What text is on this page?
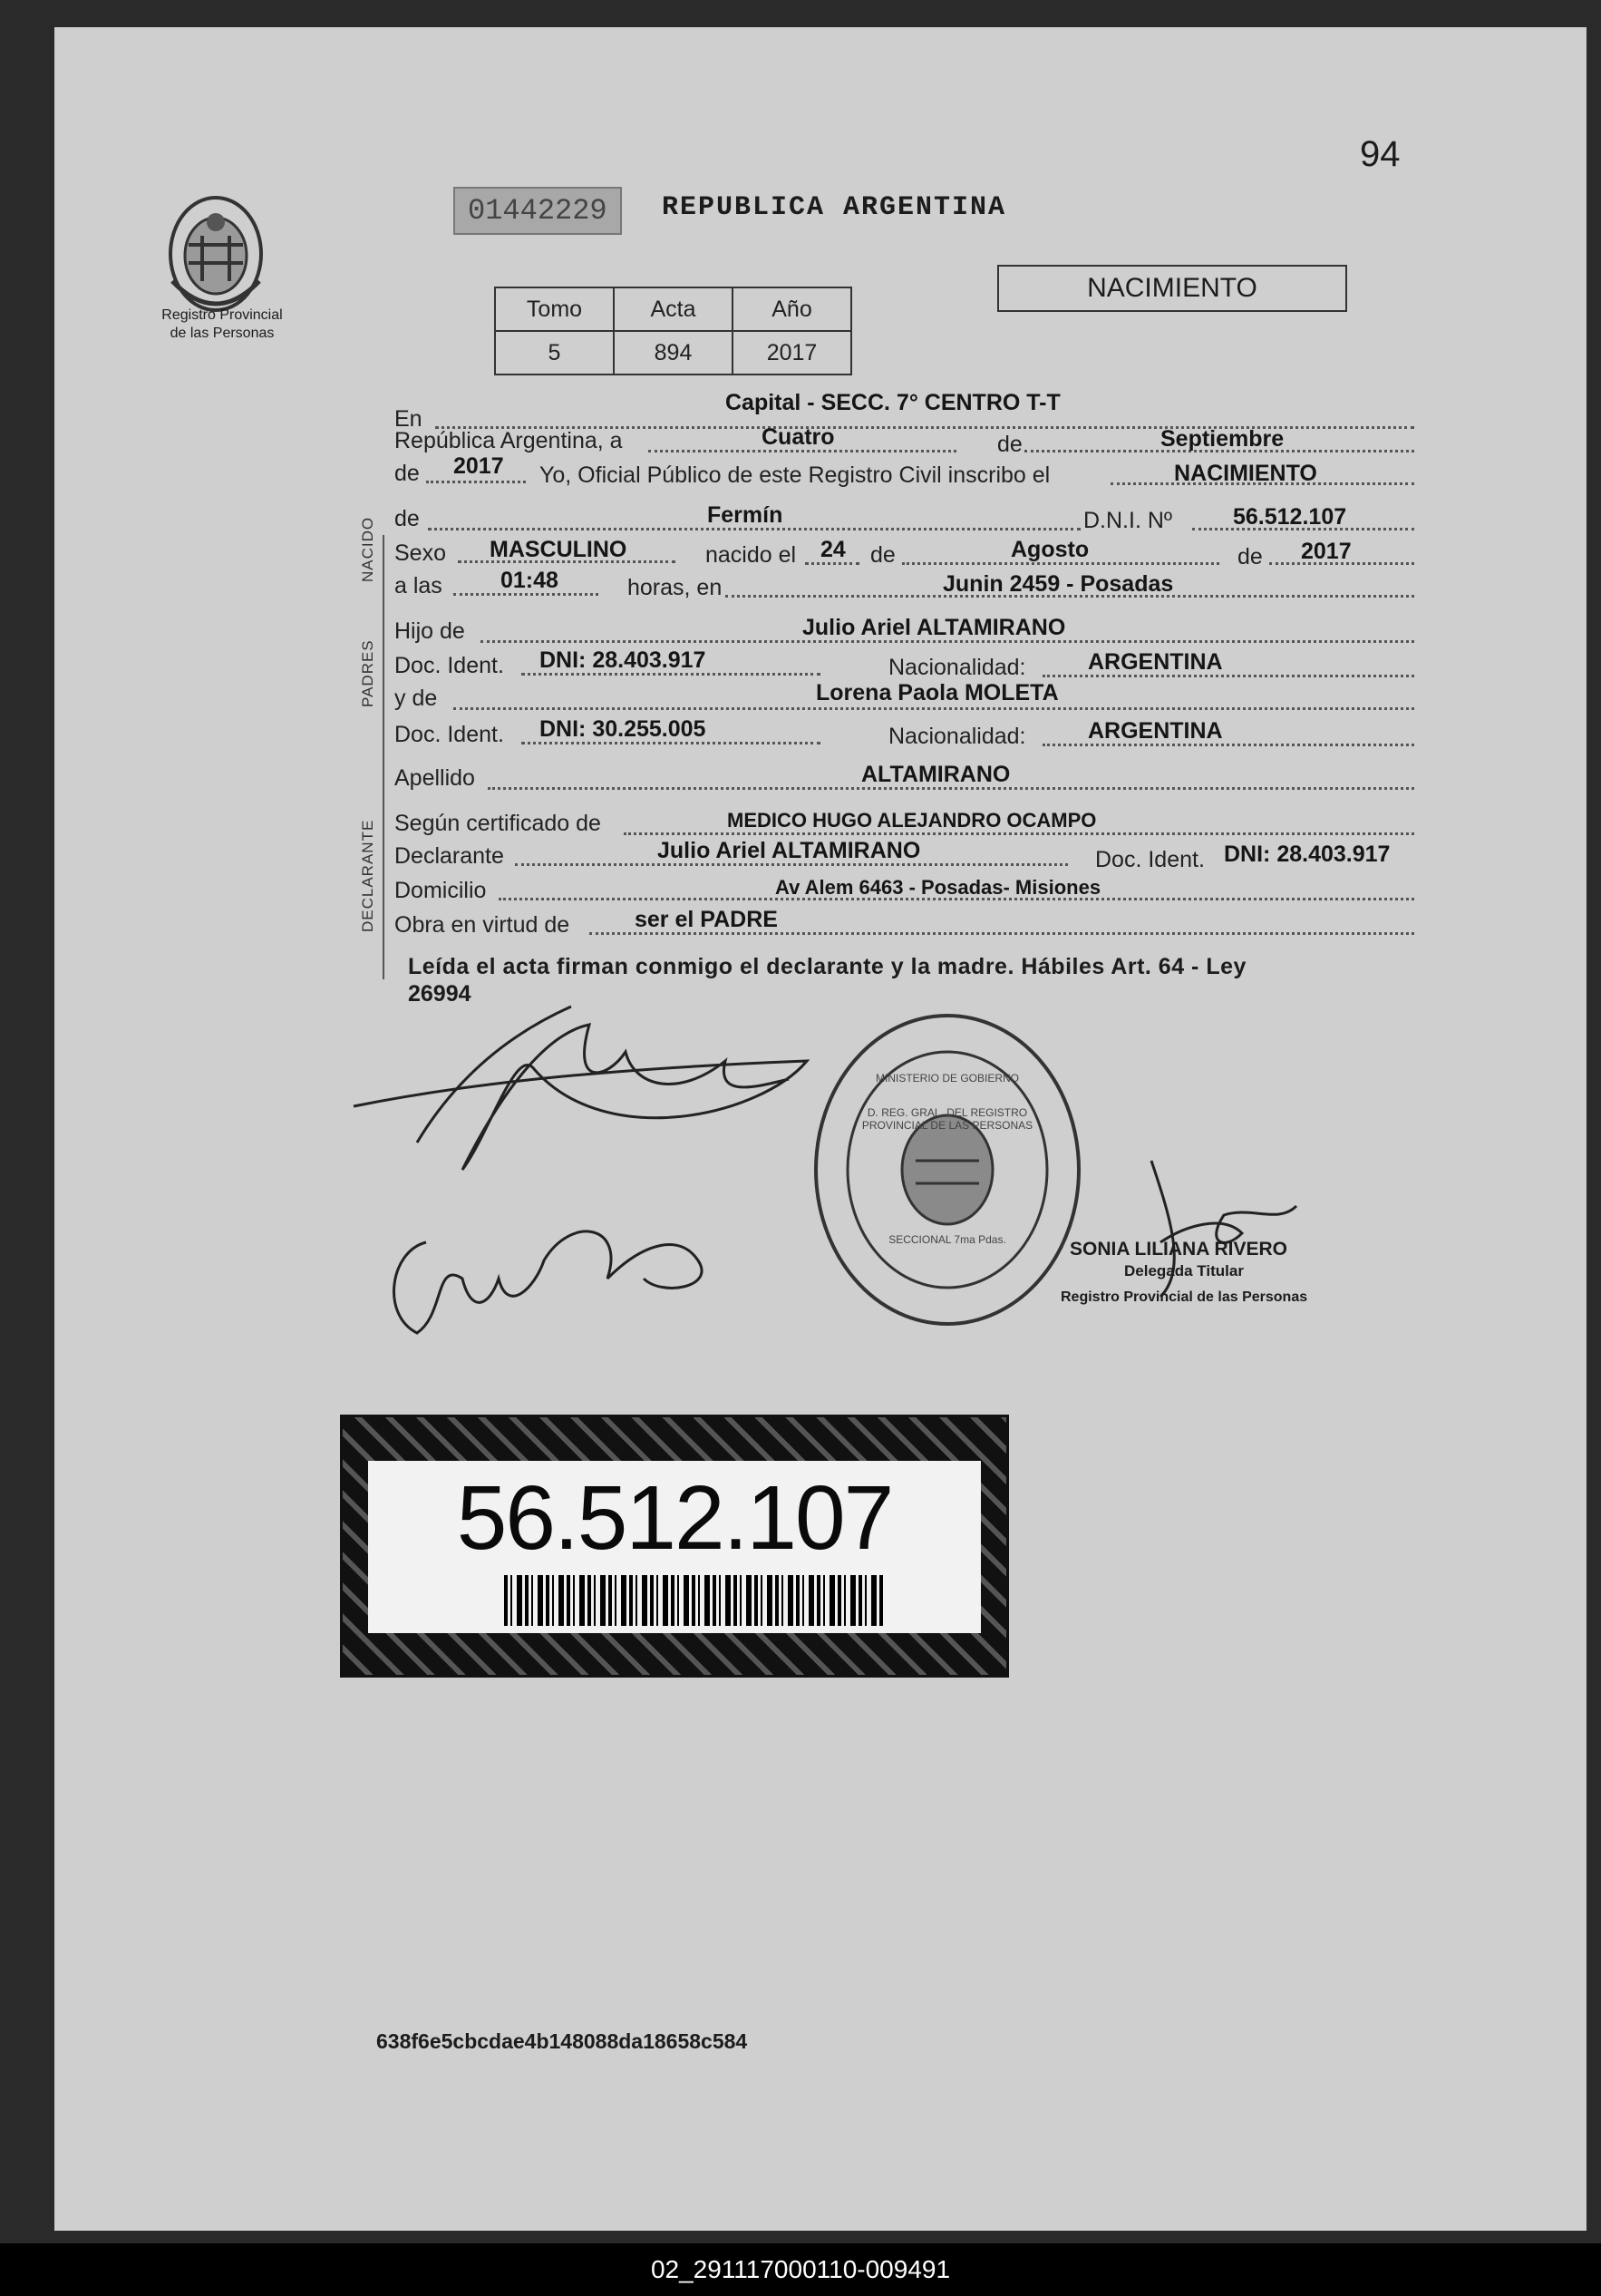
94
Registro Provincial de las Personas
01442229	REPUBLICA ARGENTINA
Tomo	Acta	Año
5	894	2017
NACIMIENTO
NACIDO
PADRES
DECLARANTE
En
Capital - SECC. 7° CENTRO T-T
República Argentina, a	Cuatro	de	Septiembre
de 2017 Yo, Oficial Público de este Registro Civil inscribo el	NACIMIENTO
de	Fermín	D.N.I. Nº	56.512.107
Sexo MASCULINO	nacido el 24 de	Agosto	de 2017
a las	01:48	horas, en	Junin 2459 - Posadas
Hijo de	Julio Ariel ALTAMIRANO
Doc. Ident. DNI: 28.403.917	Nacionalidad:	ARGENTINA
y de	Lorena Paola MOLETA
Doc. Ident. DNI: 30.255.005	Nacionalidad:	ARGENTINA
Apellido	ALTAMIRANO
Según certificado de	MEDICO HUGO ALEJANDRO OCAMPO
Declarante	Julio Ariel ALTAMIRANO	Doc. Ident. DNI: 28.403.917
Domicilio	Av Alem 6463 - Posadas- Misiones
Obra en virtud de	ser el PADRE
Leída el acta firman conmigo el declarante y la madre. Hábiles Art. 64 - Ley
26994
D. REG. GRAL. DEL REGISTRO PROVINCIAL DE LAS PERSONAS
MINISTERIO DE GOBIERNO
SECCIONAL 7ma Pdas.	SONIA LILIANA RIVERO
Delegada Titular
Registro Provincial de las Personas
56.512.107
638f6e5cbcdae4b148088da18658c584
02_291117000110-009491
